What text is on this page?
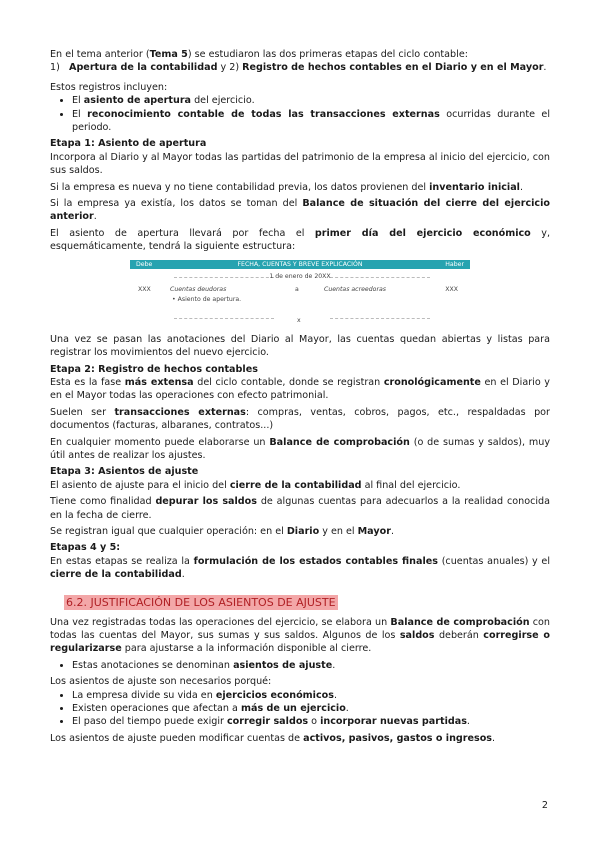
En el tema anterior (Tema 5) se estudiaron las dos primeras etapas del ciclo contable:

1) Apertura de la contabilidad y 2) Registro de hechos contables en el Diario y en el Mayor.

Estos registros incluyen:

• El asiento de apertura del ejercicio.
• El reconocimiento contable de todas las transacciones externas ocurridas durante el periodo.
Etapa 1: Asiento de apertura

Incorpora al Diario y al Mayor todas las partidas del patrimonio de la empresa al inicio del ejercicio, con sus saldos.

Si la empresa es nueva y no tiene contabilidad previa, los datos provienen del inventario inicial.

Si la empresa ya existía, los datos se toman del Balance de situación del cierre del ejercicio anterior.

El asiento de apertura llevará por fecha el primer día del ejercicio económico y, esquemáticamente, tendrá la siguiente estructura:

Debe	FECHA, CUENTAS Y BREVE EXPLICACIÓN	Haber
1 de enero de 20XX
XXX	Cuentas deudoras	a	Cuentas acreedoras	XXX
• Asiento de apertura.
x

Una vez se pasan las anotaciones del Diario al Mayor, las cuentas quedan abiertas y listas para registrar los movimientos del nuevo ejercicio.

Etapa 2: Registro de hechos contables

Esta es la fase más extensa del ciclo contable, donde se registran cronológicamente en el Diario y en el Mayor todas las operaciones con efecto patrimonial.

Suelen ser transacciones externas: compras, ventas, cobros, pagos, etc., respaldadas por documentos (facturas, albaranes, contratos...)

En cualquier momento puede elaborarse un Balance de comprobación (o de sumas y saldos), muy útil antes de realizar los ajustes.

Etapa 3: Asientos de ajuste

El asiento de ajuste para el inicio del cierre de la contabilidad al final del ejercicio.

Tiene como finalidad depurar los saldos de algunas cuentas para adecuarlos a la realidad conocida en la fecha de cierre.

Se registran igual que cualquier operación: en el Diario y en el Mayor.

Etapas 4 y 5:

En estas etapas se realiza la formulación de los estados contables finales (cuentas anuales) y el cierre de la contabilidad.

6.2. JUSTIFICACIÓN DE LOS ASIENTOS DE AJUSTE

Una vez registradas todas las operaciones del ejercicio, se elabora un Balance de comprobación con todas las cuentas del Mayor, sus sumas y sus saldos. Algunos de los saldos deberán corregirse o regularizarse para ajustarse a la información disponible al cierre.

• Estas anotaciones se denominan asientos de ajuste.

Los asientos de ajuste son necesarios porqué:

• La empresa divide su vida en ejercicios económicos.
• Existen operaciones que afectan a más de un ejercicio.
• El paso del tiempo puede exigir corregir saldos o incorporar nuevas partidas.

Los asientos de ajuste pueden modificar cuentas de activos, pasivos, gastos o ingresos.

2
